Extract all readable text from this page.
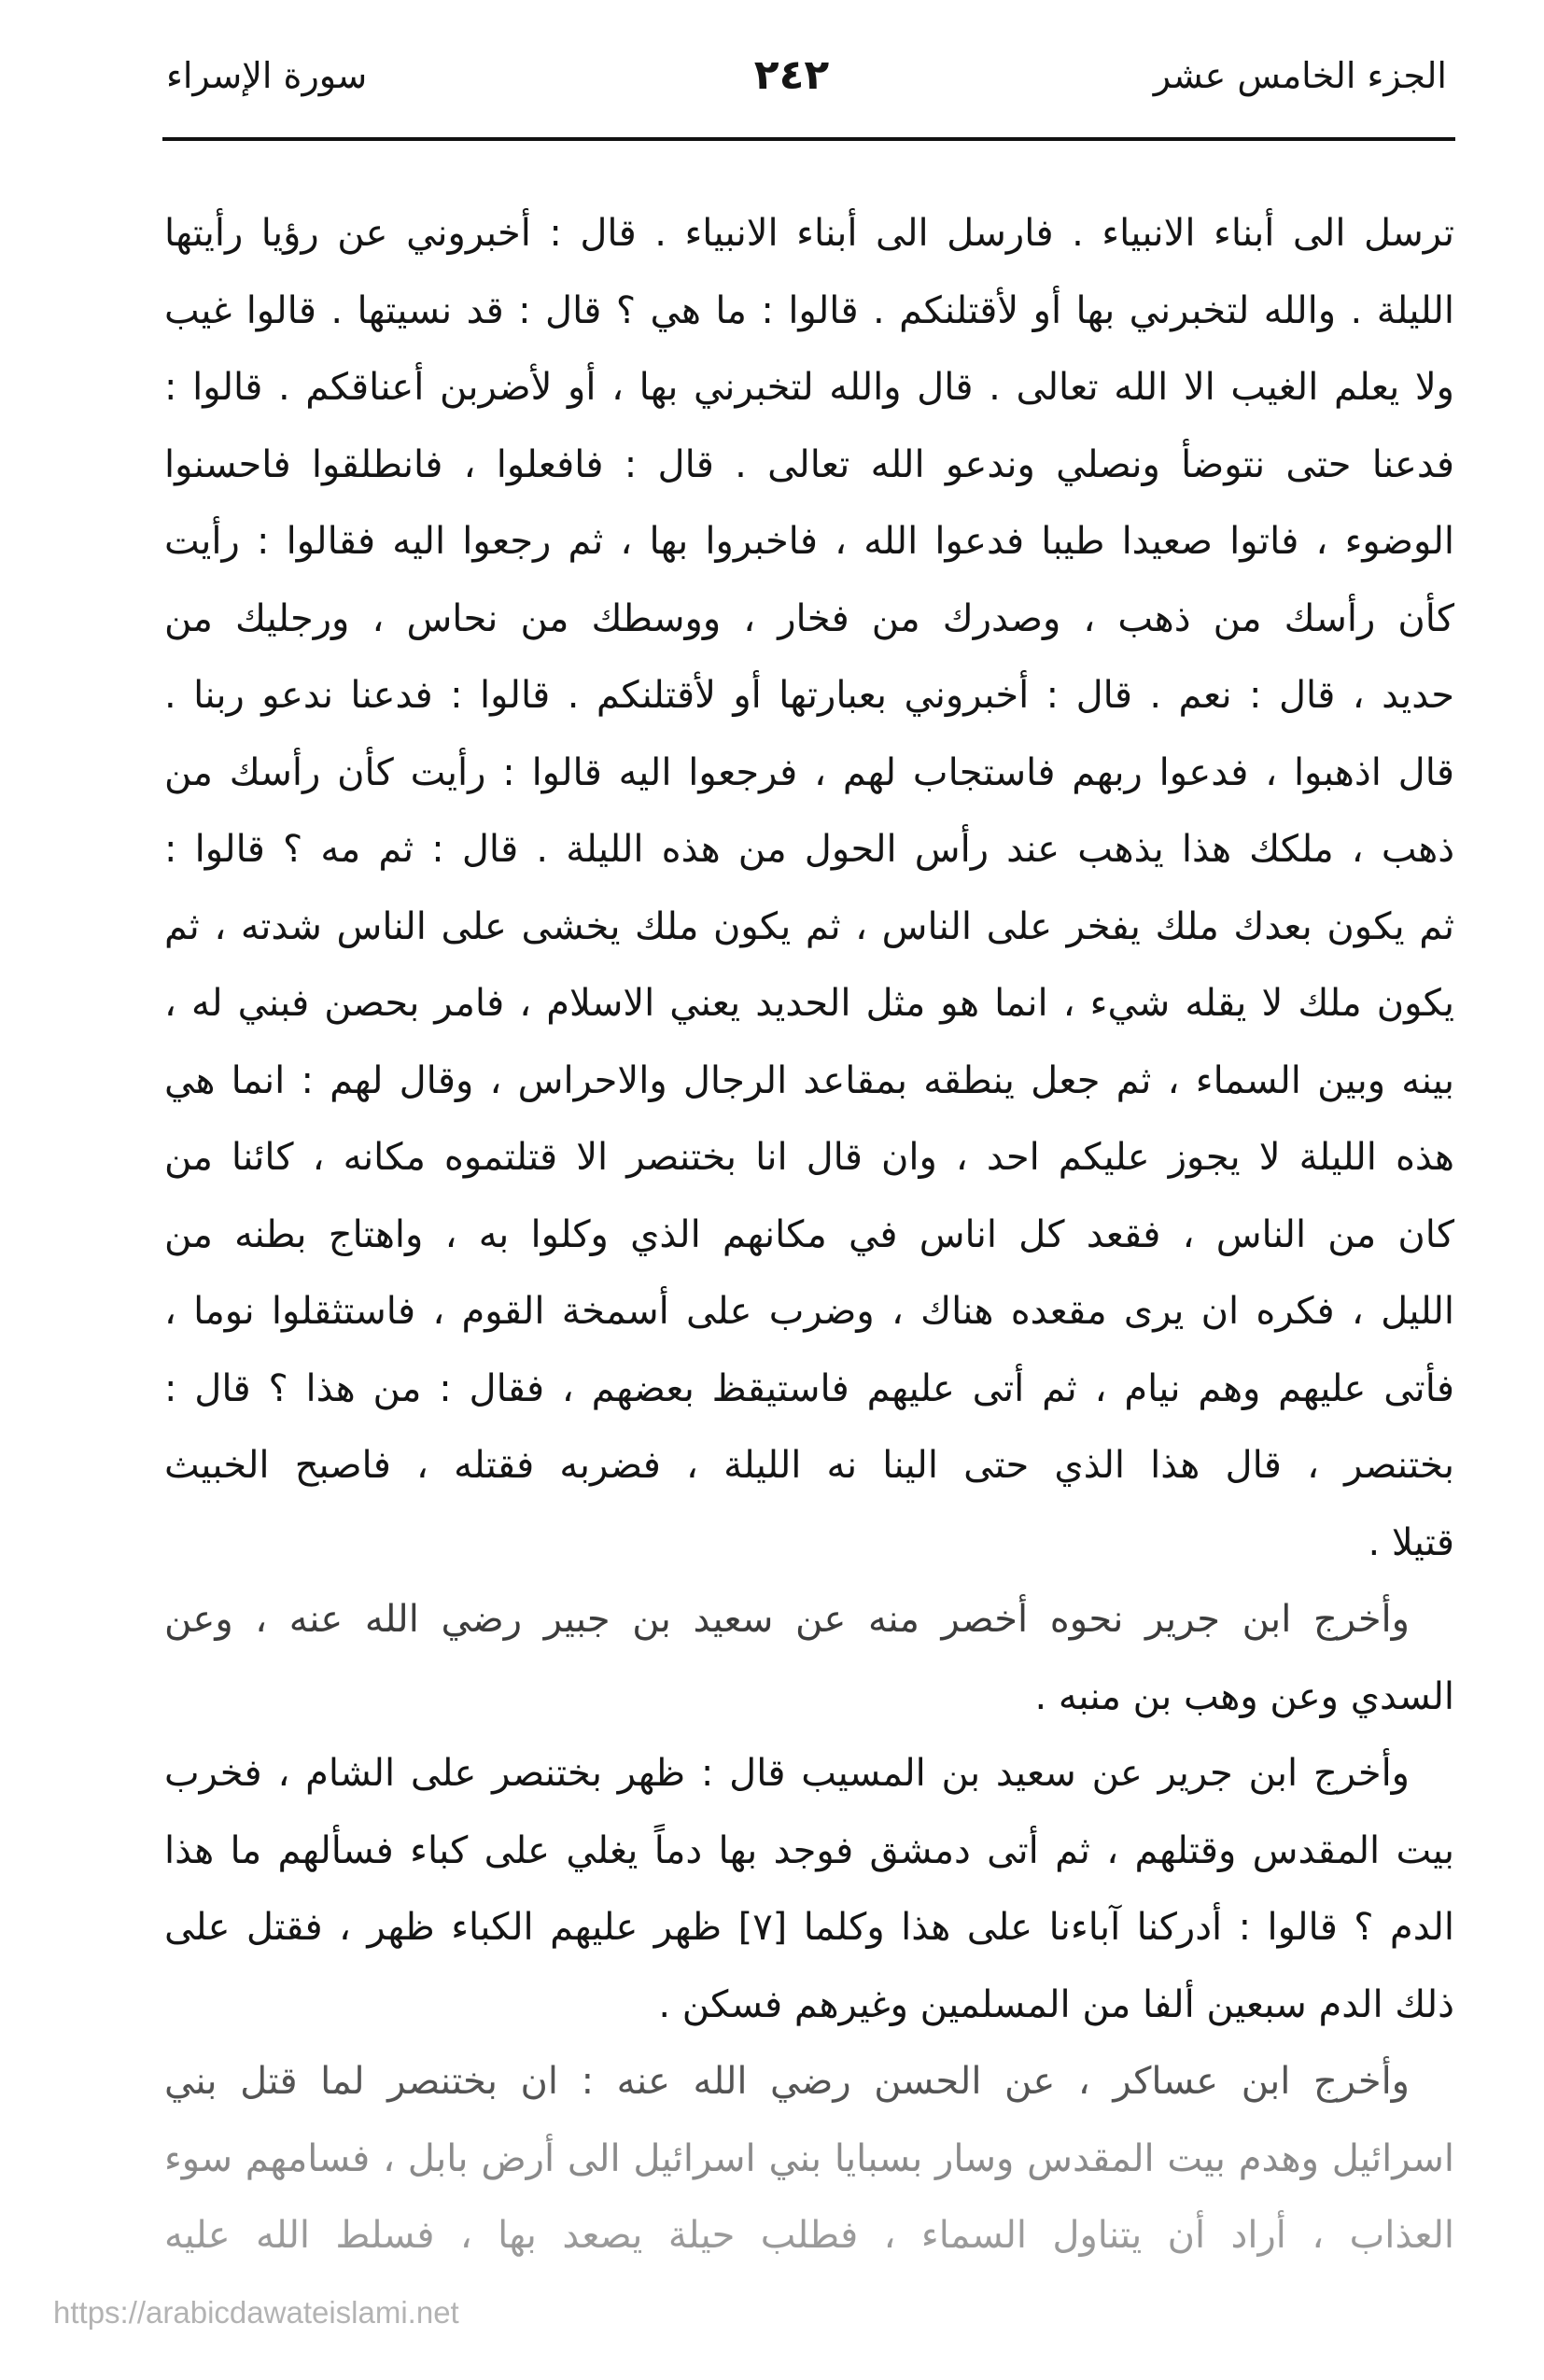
الجزء الخامس عشر
٢٤٢
سورة الإسراء
ترسل الى أبناء الانبياء . فارسل الى أبناء الانبياء . قال : أخبروني عن رؤيا رأيتها
الليلة . والله لتخبرني بها أو لأقتلنكم . قالوا : ما هي ؟ قال : قد نسيتها . قالوا غيب
ولا يعلم الغيب الا الله تعالى . قال والله لتخبرني بها ، أو لأضربن أعناقكم . قالوا :
فدعنا حتى نتوضأ ونصلي وندعو الله تعالى . قال : فافعلوا ، فانطلقوا فاحسنوا
الوضوء ، فاتوا صعيدا طيبا فدعوا الله ، فاخبروا بها ، ثم رجعوا اليه فقالوا : رأيت
كأن رأسك من ذهب ، وصدرك من فخار ، ووسطك من نحاس ، ورجليك من
حديد ، قال : نعم . قال : أخبروني بعبارتها أو لأقتلنكم . قالوا : فدعنا ندعو ربنا .
قال اذهبوا ، فدعوا ربهم فاستجاب لهم ، فرجعوا اليه قالوا : رأيت كأن رأسك من
ذهب ، ملكك هذا يذهب عند رأس الحول من هذه الليلة . قال : ثم مه ؟ قالوا :
ثم يكون بعدك ملك يفخر على الناس ، ثم يكون ملك يخشى على الناس شدته ، ثم
يكون ملك لا يقله شيء ، انما هو مثل الحديد يعني الاسلام ، فامر بحصن فبني له ،
بينه وبين السماء ، ثم جعل ينطقه بمقاعد الرجال والاحراس ، وقال لهم : انما هي
هذه الليلة لا يجوز عليكم احد ، وان قال انا بختنصر الا قتلتموه مكانه ، كائنا من
كان من الناس ، فقعد كل اناس في مكانهم الذي وكلوا به ، واهتاج بطنه من
الليل ، فكره ان يرى مقعده هناك ، وضرب على أسمخة القوم ، فاستثقلوا نوما ،
فأتى عليهم وهم نيام ، ثم أتى عليهم فاستيقظ بعضهم ، فقال : من هذا ؟ قال :
بختنصر ، قال هذا الذي حتى الينا نه الليلة ، فضربه فقتله ، فاصبح الخبيث
قتيلا .
وأخرج ابن جرير نحوه أخصر منه عن سعيد بن جبير رضي الله عنه ، وعن
السدي وعن وهب بن منبه .
وأخرج ابن جرير عن سعيد بن المسيب قال : ظهر بختنصر على الشام ، فخرب
بيت المقدس وقتلهم ، ثم أتى دمشق فوجد بها دماً يغلي على كباء فسألهم ما هذا
الدم ؟ قالوا : أدركنا آباءنا على هذا وكلما [٧] ظهر عليهم الكباء ظهر ، فقتل على
ذلك الدم سبعين ألفا من المسلمين وغيرهم فسكن .
وأخرج ابن عساكر ، عن الحسن رضي الله عنه : ان بختنصر لما قتل بني
اسرائيل وهدم بيت المقدس وسار بسبايا بني اسرائيل الى أرض بابل ، فسامهم سوء
العذاب ، أراد أن يتناول السماء ، فطلب حيلة يصعد بها ، فسلط الله عليه
https://arabicdawateislami.net
